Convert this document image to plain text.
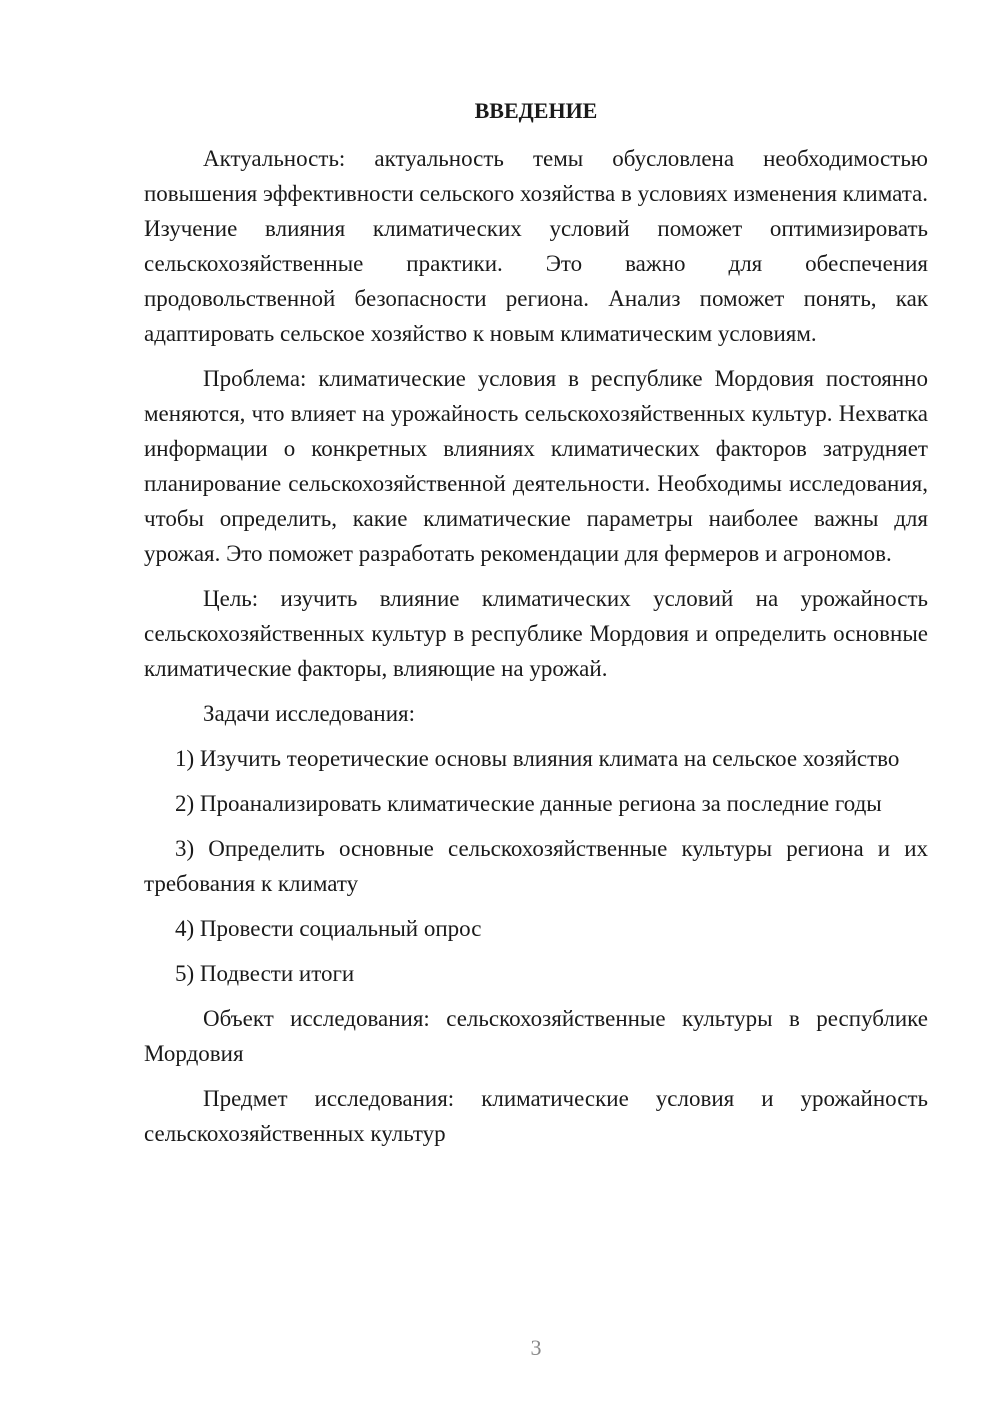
ВВЕДЕНИЕ

Актуальность: актуальность темы обусловлена необходимостью повышения эффективности сельского хозяйства в условиях изменения климата. Изучение влияния климатических условий поможет оптимизировать сельскохозяйственные практики. Это важно для обеспечения продовольственной безопасности региона. Анализ поможет понять, как адаптировать сельское хозяйство к новым климатическим условиям.

Проблема: климатические условия в республике Мордовия постоянно меняются, что влияет на урожайность сельскохозяйственных культур. Нехватка информации о конкретных влияниях климатических факторов затрудняет планирование сельскохозяйственной деятельности. Необходимы исследования, чтобы определить, какие климатические параметры наиболее важны для урожая. Это поможет разработать рекомендации для фермеров и агрономов.

Цель: изучить влияние климатических условий на урожайность сельскохозяйственных культур в республике Мордовия и определить основные климатические факторы, влияющие на урожай.

Задачи исследования:

1) Изучить теоретические основы влияния климата на сельское хозяйство

2) Проанализировать климатические данные региона за последние годы

3) Определить основные сельскохозяйственные культуры региона и их требования к климату

4) Провести социальный опрос

5) Подвести итоги

Объект исследования: сельскохозяйственные культуры в республике Мордовия

Предмет исследования: климатические условия и урожайность сельскохозяйственных культур

3
